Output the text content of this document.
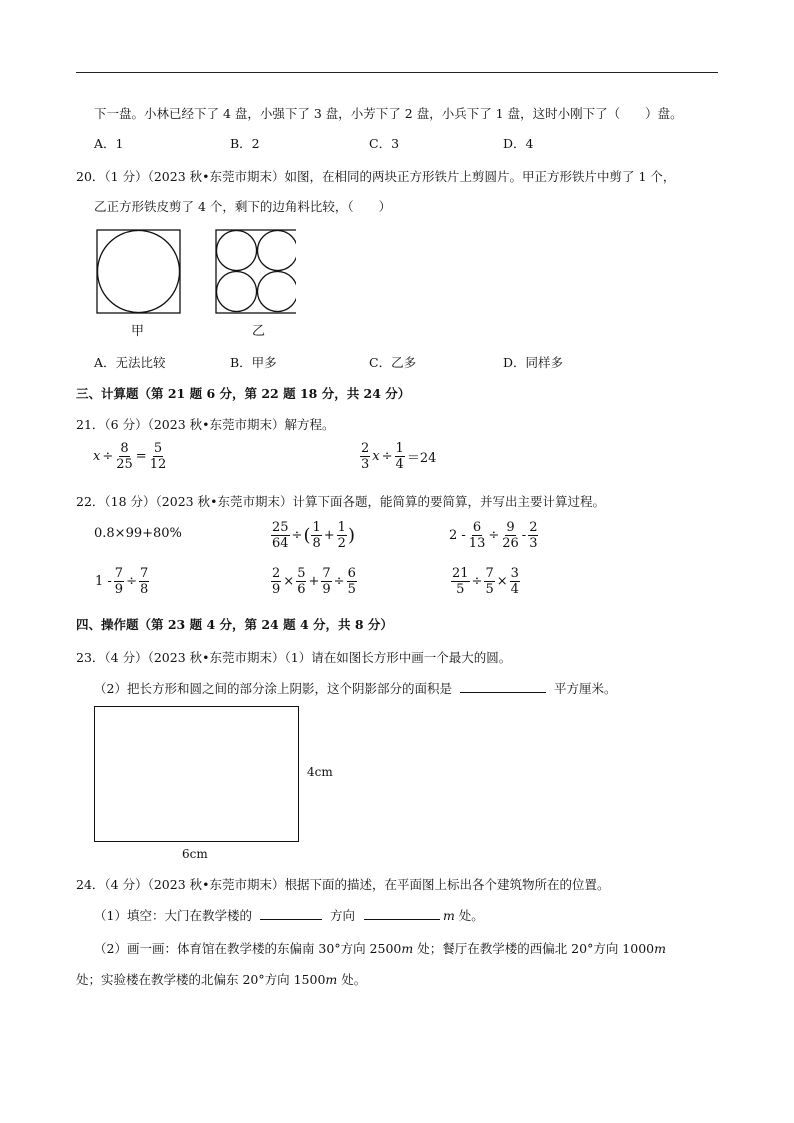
下一盘。小林已经下了 4 盘，小强下了 3 盘，小芳下了 2 盘，小兵下了 1 盘，这时小刚下了（　　）盘。
A．1	B．2	C．3	D．4
20．（1 分）（2023 秋•东莞市期末）如图，在相同的两块正方形铁片上剪圆片。甲正方形铁片中剪了 1 个，
乙正方形铁皮剪了 4 个，剩下的边角料比较，（　　）
甲	乙
A．无法比较	B．甲多	C．乙多	D．同样多
三、计算题（第 21 题 6 分，第 22 题 18 分，共 24 分）
21．（6 分）（2023 秋•东莞市期末）解方程。
$x \div \frac{8}{25} = \frac{5}{12}$	$\frac{2}{3}$ $x \div \frac{1}{4} =24$
22．（18 分）（2023 秋•东莞市期末）计算下面各题，能简算的要简算，并写出主要计算过程。
0.8×99+80%	$\frac{25}{64}$ ÷ ( $\frac{1}{8} + \frac{1}{2}$ )	$2 - \frac{6}{13} \div \frac{9}{26} - \frac{2}{3}$
$1 - \frac{7}{9} \div \frac{7}{8}$	$\frac{2}{9} \times \frac{5}{6} + \frac{7}{9} \div \frac{6}{5}$	$\frac{21}{5} \div \frac{7}{5} \times \frac{3}{4}$
四、操作题（第 23 题 4 分，第 24 题 4 分，共 8 分）
23．（4 分）（2023 秋•东莞市期末）（1）请在如图长方形中画一个最大的圆。
（2）把长方形和圆之间的部分涂上阴影，这个阴影部分的面积是	平方厘米。
4cm
6cm
24．（4 分）（2023 秋•东莞市期末）根据下面的描述，在平面图上标出各个建筑物所在的位置。
（1）填空：大门在教学楼的	方向	m 处。
（2）画一画：体育馆在教学楼的东偏南 30°方向 2500m 处；餐厅在教学楼的西偏北 20°方向 1000m
处；实验楼在教学楼的北偏东 20°方向 1500m 处。
